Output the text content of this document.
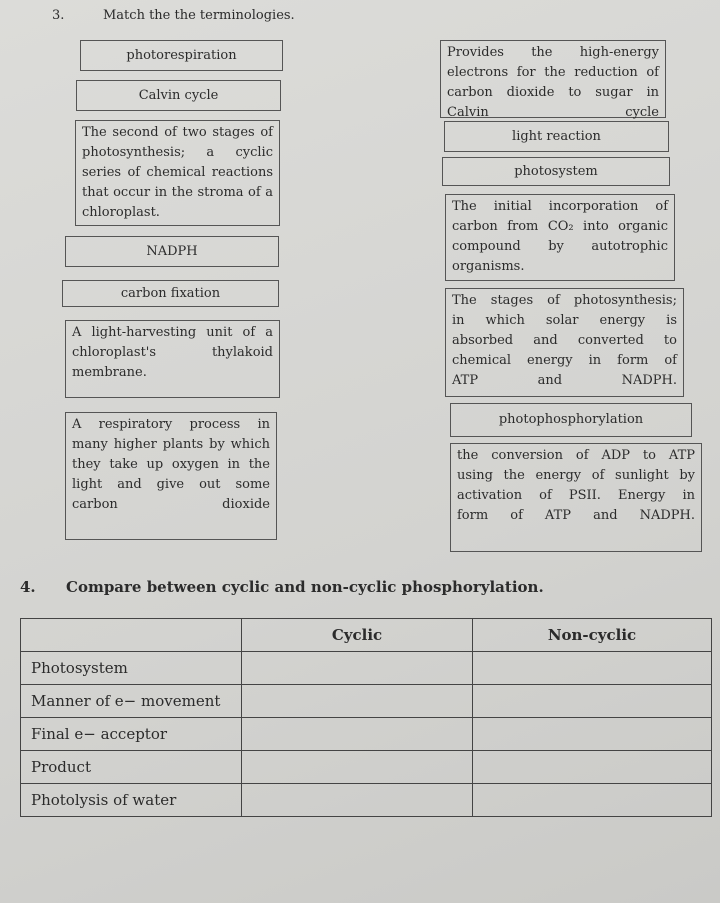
3.	Match the the terminologies.
photorespiration
Calvin cycle
The second of two stages of
photosynthesis; a cyclic
series of chemical reactions
that occur in the stroma of a
chloroplast.
NADPH
carbon fixation
A light-harvesting unit of a
chloroplast's thylakoid
membrane.
A respiratory process in
many higher plants by which
they take up oxygen in the
light and give out some
carbon dioxide
Provides the high-energy
electrons for the reduction of
carbon dioxide to sugar in
Calvin cycle
light reaction
photosystem
The initial incorporation of
carbon from CO₂ into organic
compound by autotrophic
organisms.
The stages of photosynthesis;
in which solar energy is
absorbed and converted to
chemical energy in form of
ATP and NADPH.
photophosphorylation
the conversion of ADP to ATP
using the energy of sunlight by
activation of PSII. Energy in
form of ATP and NADPH.
4. Compare between cyclic and non-cyclic phosphorylation.
	Cyclic	Non-cyclic
Photosystem		
Manner of e− movement		
Final e− acceptor		
Product		
Photolysis of water		
